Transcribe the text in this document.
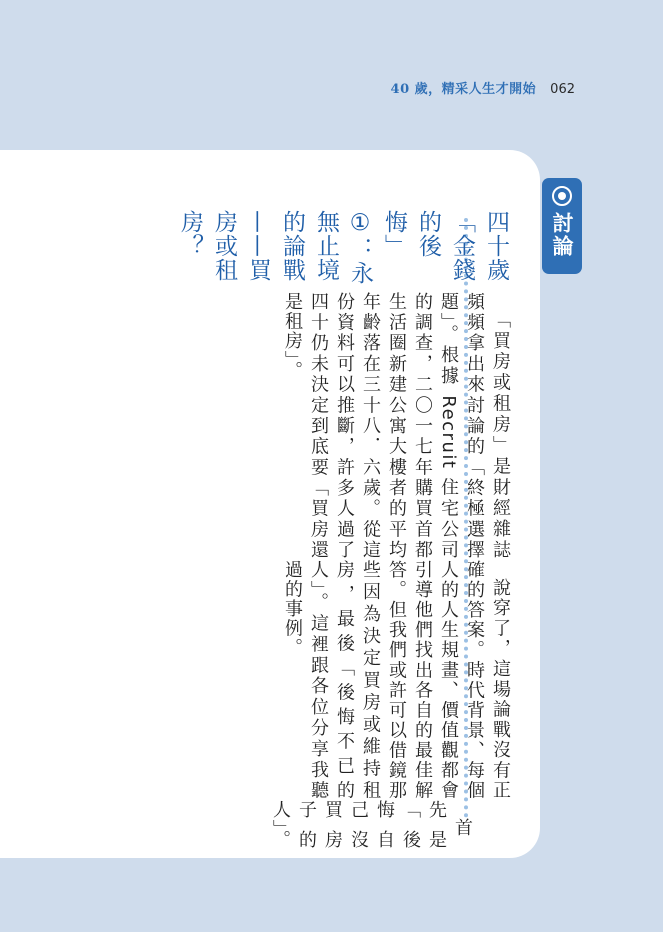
40 歲，精采人生才開始 062
討論
四十歲「金錢的後悔」①：永無止境的論戰——買房或租房？

「買房或租房」是財經雜誌頻頻拿出來討論的「終極選擇題」。根據 Recruit 住宅公司的調查，二〇一七年購買首都生活圈新建公寓大樓者的平均年齡落在三十八．六歲。從這份資料可以推斷，許多人過了四十仍未決定到底要「買房還是租房」。

說穿了，這場論戰沒有正確的答案。時代背景、每個人的人生規畫、價值觀都會引導他們找出各自的最佳解答。但我們或許可以借鏡那些因為決定買房或維持租房，最後「後悔不已的人」。這裡跟各位分享我聽過的事例。

首先是「後悔自己沒買房子的人」。
